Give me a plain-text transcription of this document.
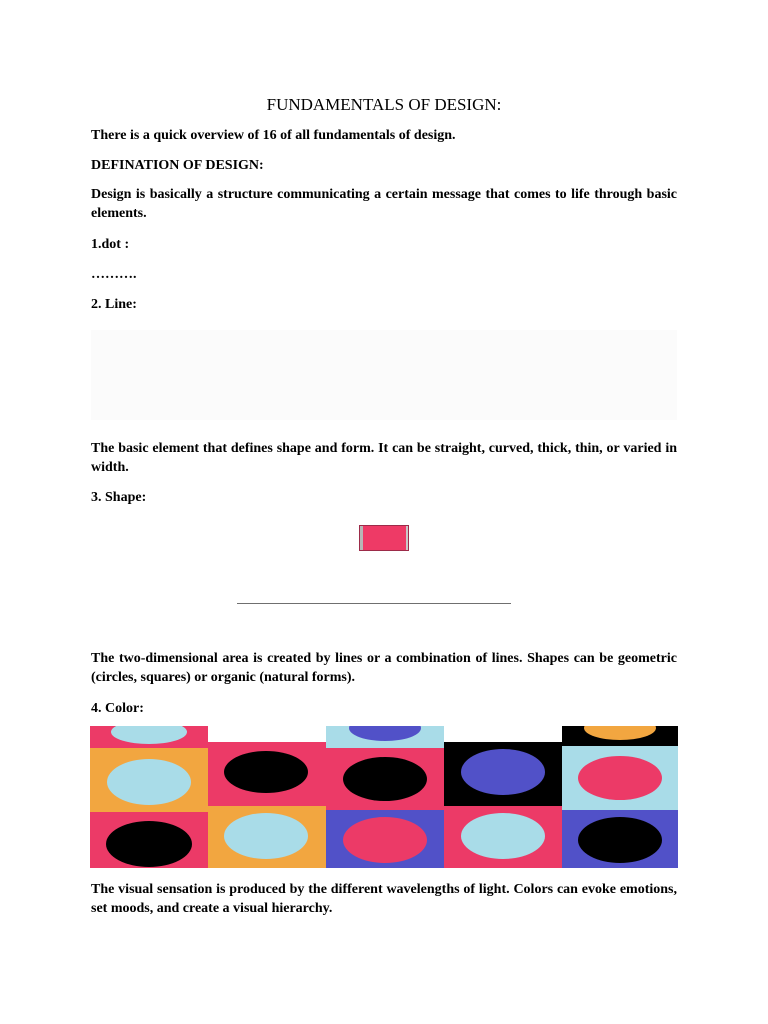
FUNDAMENTALS OF DESIGN:

There is a quick overview of 16 of all fundamentals of design.

DEFINATION OF DESIGN:

Design is basically a structure communicating a certain message that comes to life through basic elements.

1.dot :

……….

2. Line:

The basic element that defines shape and form. It can be straight, curved, thick, thin, or varied in width.

3. Shape:

The two-dimensional area is created by lines or a combination of lines. Shapes can be geometric (circles, squares) or organic (natural forms).

4. Color:

The visual sensation is produced by the different wavelengths of light. Colors can evoke emotions, set moods, and create a visual hierarchy.
